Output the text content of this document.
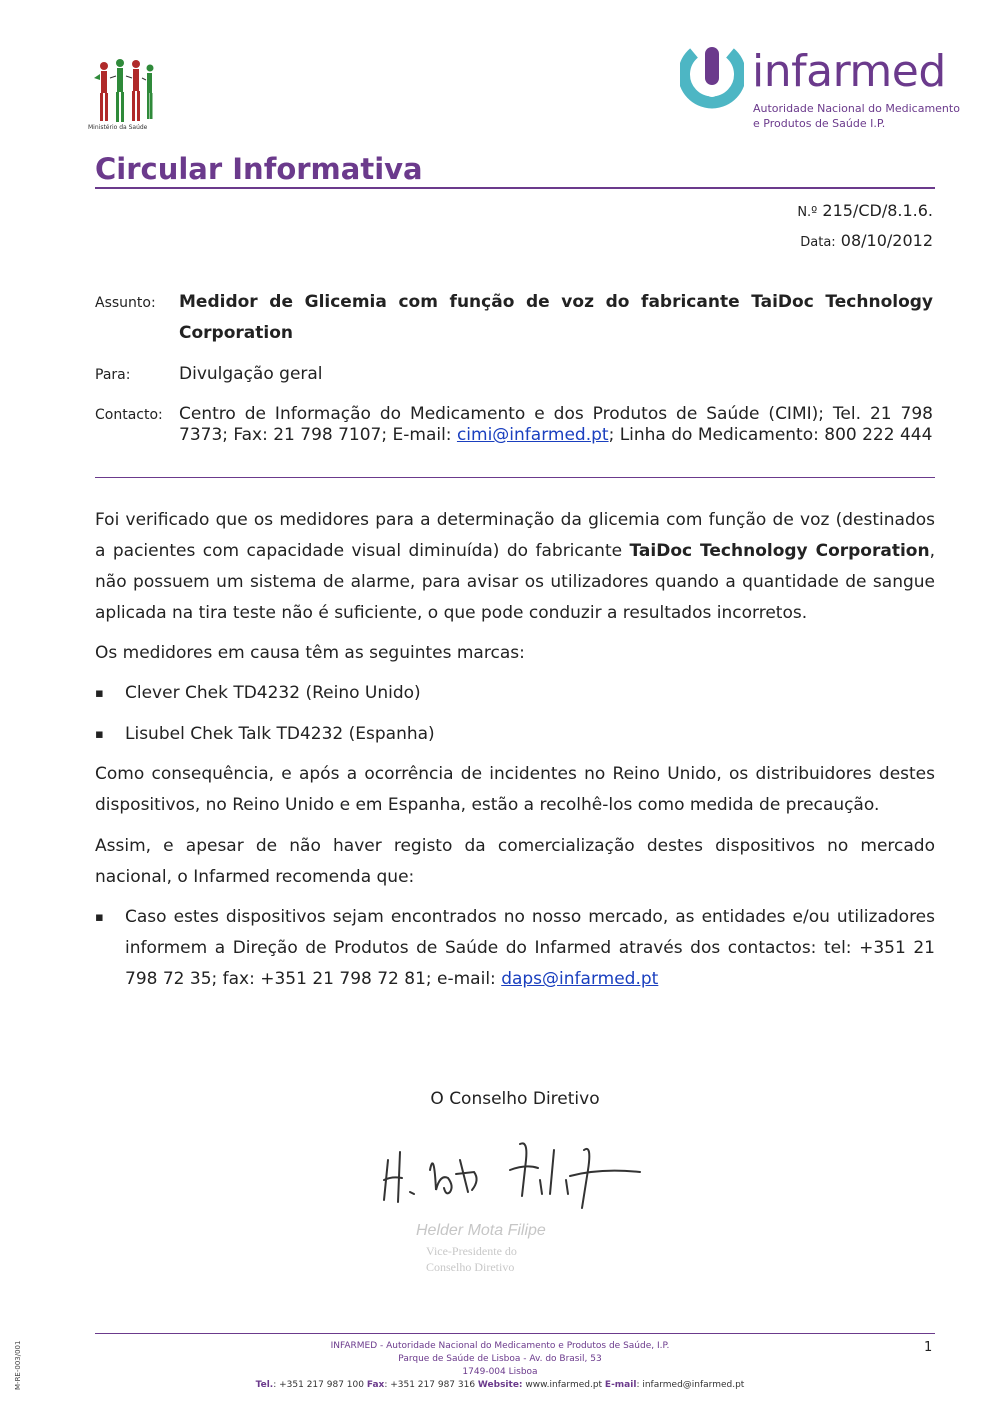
Ministério da Saúde
infarmed
Autoridade Nacional do Medicamento
e Produtos de Saúde I.P.
Circular Informativa
N.º 215/CD/8.1.6.
Data: 08/10/2012
Assunto: Medidor de Glicemia com função de voz do fabricante TaiDoc Technology Corporation
Para:	Divulgação geral
Contacto: Centro de Informação do Medicamento e dos Produtos de Saúde (CIMI); Tel. 21 798 7373; Fax: 21 798 7107; E-mail: cimi@infarmed.pt; Linha do Medicamento: 800 222 444
Foi verificado que os medidores para a determinação da glicemia com função de voz (destinados a pacientes com capacidade visual diminuída) do fabricante TaiDoc Technology Corporation, não possuem um sistema de alarme, para avisar os utilizadores quando a quantidade de sangue aplicada na tira teste não é suficiente, o que pode conduzir a resultados incorretos.
Os medidores em causa têm as seguintes marcas:
▪ Clever Chek TD4232 (Reino Unido)
▪ Lisubel Chek Talk TD4232 (Espanha)
Como consequência, e após a ocorrência de incidentes no Reino Unido, os distribuidores destes dispositivos, no Reino Unido e em Espanha, estão a recolhê-los como medida de precaução.
Assim, e apesar de não haver registo da comercialização destes dispositivos no mercado nacional, o Infarmed recomenda que:
▪ Caso estes dispositivos sejam encontrados no nosso mercado, as entidades e/ou utilizadores informem a Direção de Produtos de Saúde do Infarmed através dos contactos: tel: +351 21 798 72 35; fax: +351 21 798 72 81; e-mail: daps@infarmed.pt
O Conselho Diretivo
Helder Mota Filipe
Vice-Presidente do
Conselho Diretivo
INFARMED - Autoridade Nacional do Medicamento e Produtos de Saúde, I.P.
Parque de Saúde de Lisboa - Av. do Brasil, 53
1749-004 Lisboa
Tel.: +351 217 987 100 Fax: +351 217 987 316 Website: www.infarmed.pt E-mail: infarmed@infarmed.pt
1
M-RE-003/001
